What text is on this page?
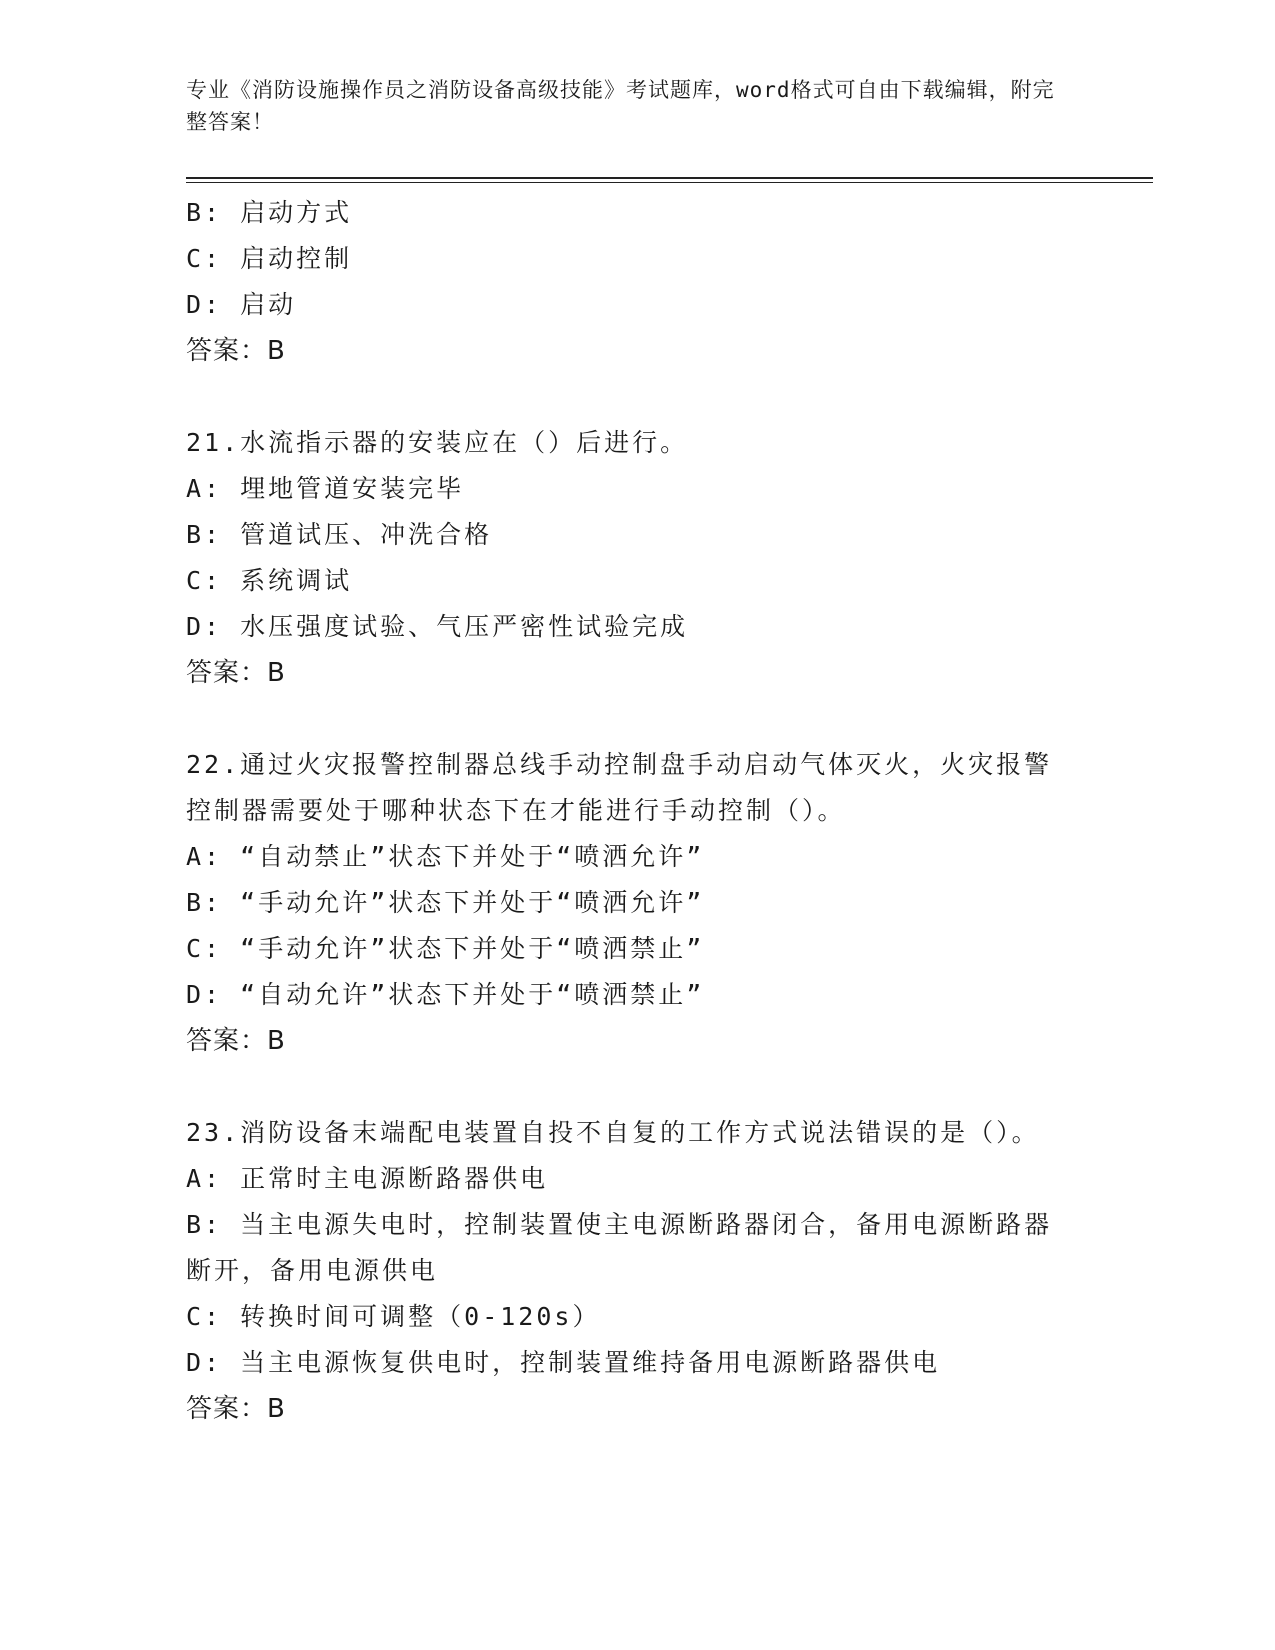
专业《消防设施操作员之消防设备高级技能》考试题库，word格式可自由下载编辑，附完整答案！
B: 启动方式
C: 启动控制
D: 启动
答案：B
21.水流指示器的安装应在（）后进行。
A: 埋地管道安装完毕
B: 管道试压、冲洗合格
C: 系统调试
D: 水压强度试验、气压严密性试验完成
答案：B
22.通过火灾报警控制器总线手动控制盘手动启动气体灭火，火灾报警
控制器需要处于哪种状态下在才能进行手动控制（）。
A: “自动禁止”状态下并处于“喷洒允许”
B: “手动允许”状态下并处于“喷洒允许”
C: “手动允许”状态下并处于“喷洒禁止”
D: “自动允许”状态下并处于“喷洒禁止”
答案：B
23.消防设备末端配电装置自投不自复的工作方式说法错误的是（）。
A: 正常时主电源断路器供电
B: 当主电源失电时，控制装置使主电源断路器闭合，备用电源断路器
断开，备用电源供电
C: 转换时间可调整（0-120s）
D: 当主电源恢复供电时，控制装置维持备用电源断路器供电
答案：B
